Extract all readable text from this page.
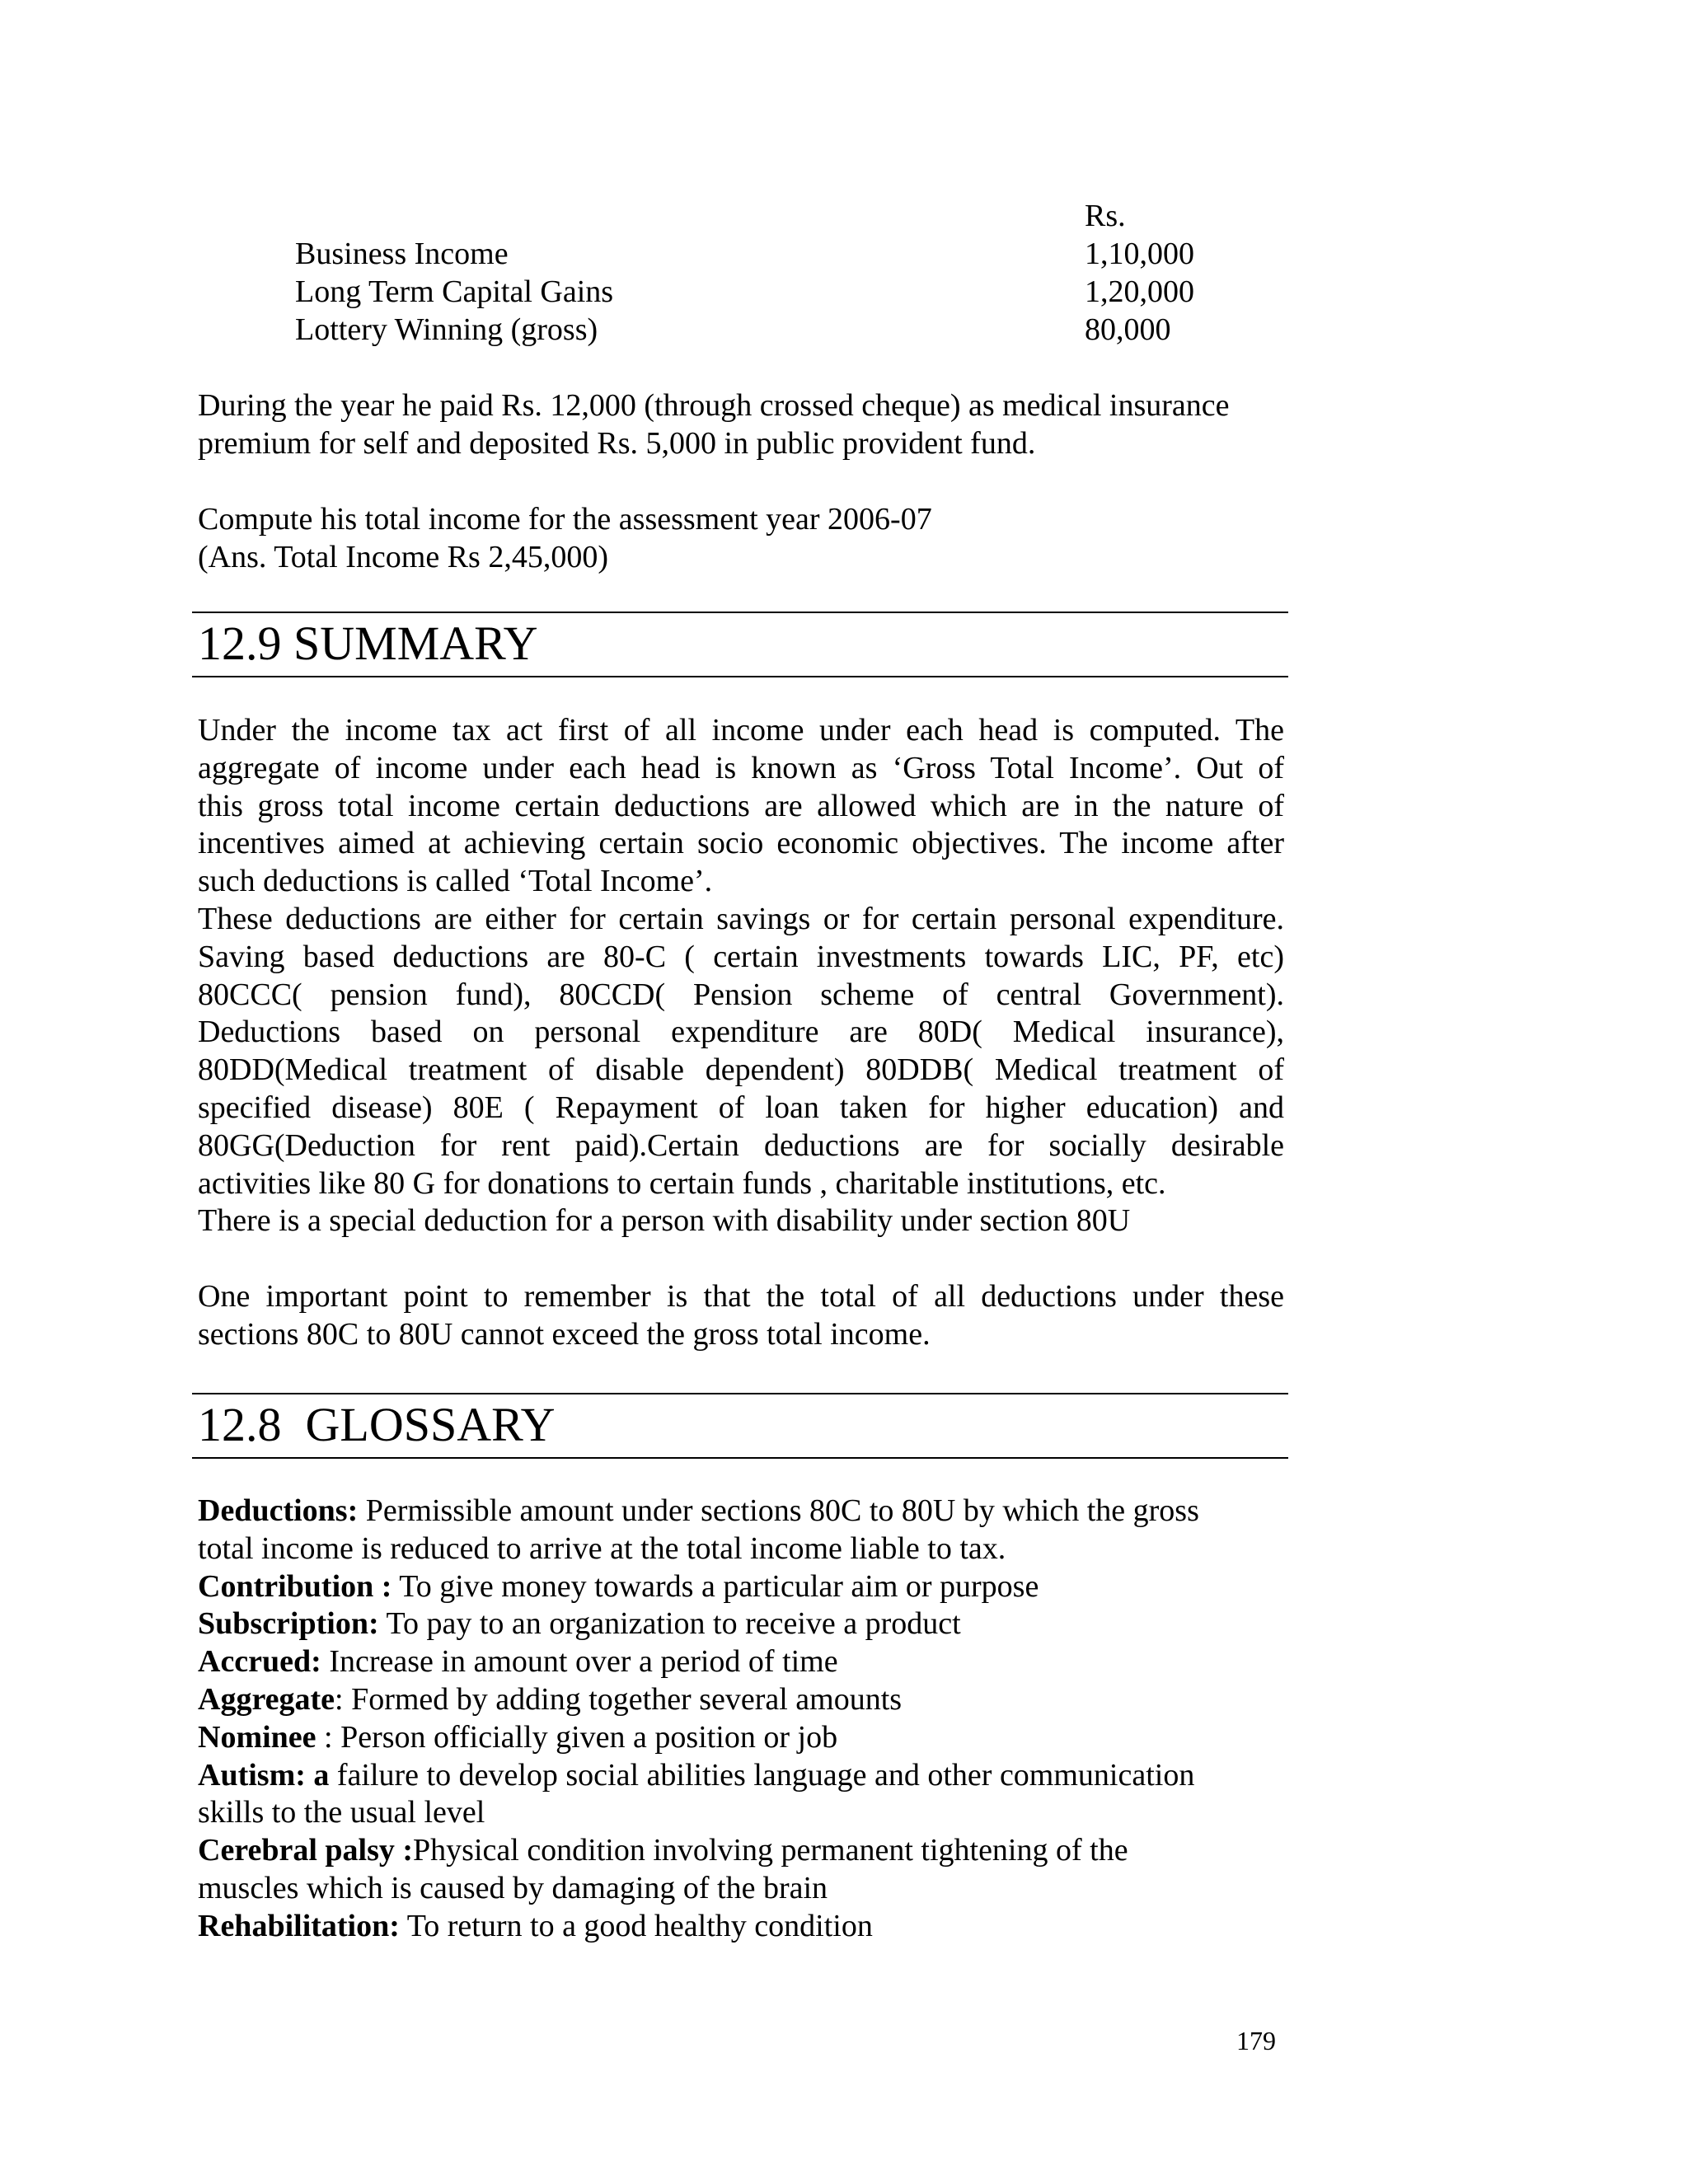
Rs.
Business Income	1,10,000
Long Term Capital Gains	1,20,000
Lottery Winning (gross)	80,000
During the year he paid Rs. 12,000 (through crossed cheque) as medical insurance
premium for self and deposited Rs. 5,000 in public provident fund.
Compute his total income for the assessment year 2006-07
(Ans. Total Income Rs 2,45,000)
12.9 SUMMARY
Under the income tax act first of all income under each head is computed. The
aggregate of income under each head is known as ‘Gross Total Income’. Out of
this gross total income certain deductions are allowed which are in the nature of
incentives aimed at achieving certain socio economic objectives. The income after
such deductions is called ‘Total Income’.
These deductions are either for certain savings or for certain personal expenditure.
Saving based deductions are 80-C ( certain investments towards LIC, PF, etc)
80CCC( pension fund), 80CCD( Pension scheme of central Government).
Deductions based on personal expenditure are 80D( Medical insurance),
80DD(Medical treatment of disable dependent) 80DDB( Medical treatment of
specified disease) 80E ( Repayment of loan taken for higher education) and
80GG(Deduction for rent paid).Certain deductions are for socially desirable
activities like 80 G for donations to certain funds , charitable institutions, etc.
There is a special deduction for a person with disability under section 80U
One important point to remember is that the total of all deductions under these
sections 80C to 80U cannot exceed the gross total income.
12.8  GLOSSARY
Deductions: Permissible amount under sections 80C to 80U by which the gross
total income is reduced to arrive at the total income liable to tax.
Contribution : To give money towards a particular aim or purpose
Subscription: To pay to an organization to receive a product
Accrued: Increase in amount over a period of time
Aggregate: Formed by adding together several amounts
Nominee : Person officially given a position or job
Autism: a failure to develop social abilities language and other communication
skills to the usual level
Cerebral palsy :Physical condition involving permanent tightening of the
muscles which is caused by damaging of the brain
Rehabilitation: To return to a good healthy condition
179
